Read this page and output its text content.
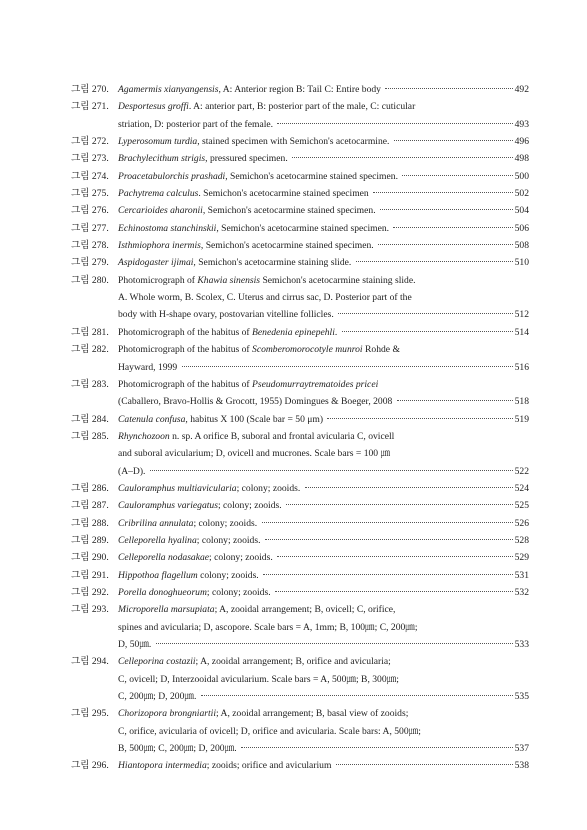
그림 270. Agamermis xianyangensis , A: Anterior region B: Tail C: Entire body	492
그림 271. Desportesus groffi . A: anterior part, B: posterior part of the male, C: cuticular
striation, D: posterior part of the female.	493
그림 272. Lyperosomum turdia , stained specimen with Semichon's acetocarmine.	496
그림 273. Brachylecithum strigis , pressured specimen.	498
그림 274. Proacetabulorchis prashadi , Semichon's acetocarmine stained specimen.	500
그림 275. Pachytrema calculus . Semichon's acetocarmine stained specimen	502
그림 276. Cercarioides aharonii , Semichon's acetocarmine stained specimen.	504
그림 277. Echinostoma stanchinskii , Semichon's acetocarmine stained specimen.	506
그림 278. Isthmiophora inermis , Semichon's acetocarmine stained specimen.	508
그림 279. Aspidogaster ijimai , Semichon's acetocarmine staining slide.	510
그림 280. Photomicrograph of Khawia sinensis Semichon's acetocarmine staining slide.
A. Whole worm, B. Scolex, C. Uterus and cirrus sac, D. Posterior part of the
body with H-shape ovary, postovarian vitelline follicles.	512
그림 281. Photomicrograph of the habitus of Benedenia epinepehli .	514
그림 282. Photomicrograph of the habitus of Scomberomorocotyle munroi Rohde &
Hayward, 1999	516
그림 283. Photomicrograph of the habitus of Pseudomurraytrematoides pricei
(Caballero, Bravo-Hollis & Grocott, 1955) Domingues & Boeger, 2008	518
그림 284. Catenula confusa , habitus X 100 (Scale bar = 50 μm)	519
그림 285. Rhynchozoon n. sp. A orifice B, suboral and frontal avicularia C, ovicell
and suboral avicularium; D, ovicell and mucrones. Scale bars = 100 ㎛
(A–D).	522
그림 286. Cauloramphus multiavicularia ; colony; zooids.	524
그림 287. Cauloramphus variegatus ; colony; zooids.	525
그림 288. Cribrilina annulata ; colony; zooids.	526
그림 289. Celleporella hyalina ; colony; zooids.	528
그림 290. Celleporella nodasakae ; colony; zooids.	529
그림 291. Hippothoa flagellum colony; zooids.	531
그림 292. Porella donoghueorum ; colony; zooids.	532
그림 293. Microporella marsupiata ; A, zooidal arrangement; B, ovicell; C, orifice,
spines and avicularia; D, ascopore. Scale bars = A, 1mm; B, 100㎛; C, 200㎛;
D, 50㎛.	533
그림 294. Celleporina costazii ; A, zooidal arrangement; B, orifice and avicularia;
C, ovicell; D, Interzooidal avicularium. Scale bars = A, 500㎛; B, 300㎛;
C, 200㎛; D, 200㎛.	535
그림 295. Chorizopora brongniartii ; A, zooidal arrangement; B, basal view of zooids;
C, orifice, avicularia of ovicell; D, orifice and avicularia. Scale bars: A, 500㎛;
B, 500㎛; C, 200㎛; D, 200㎛.	537
그림 296. Hiantopora intermedia ; zooids; orifice and avicularium	538
